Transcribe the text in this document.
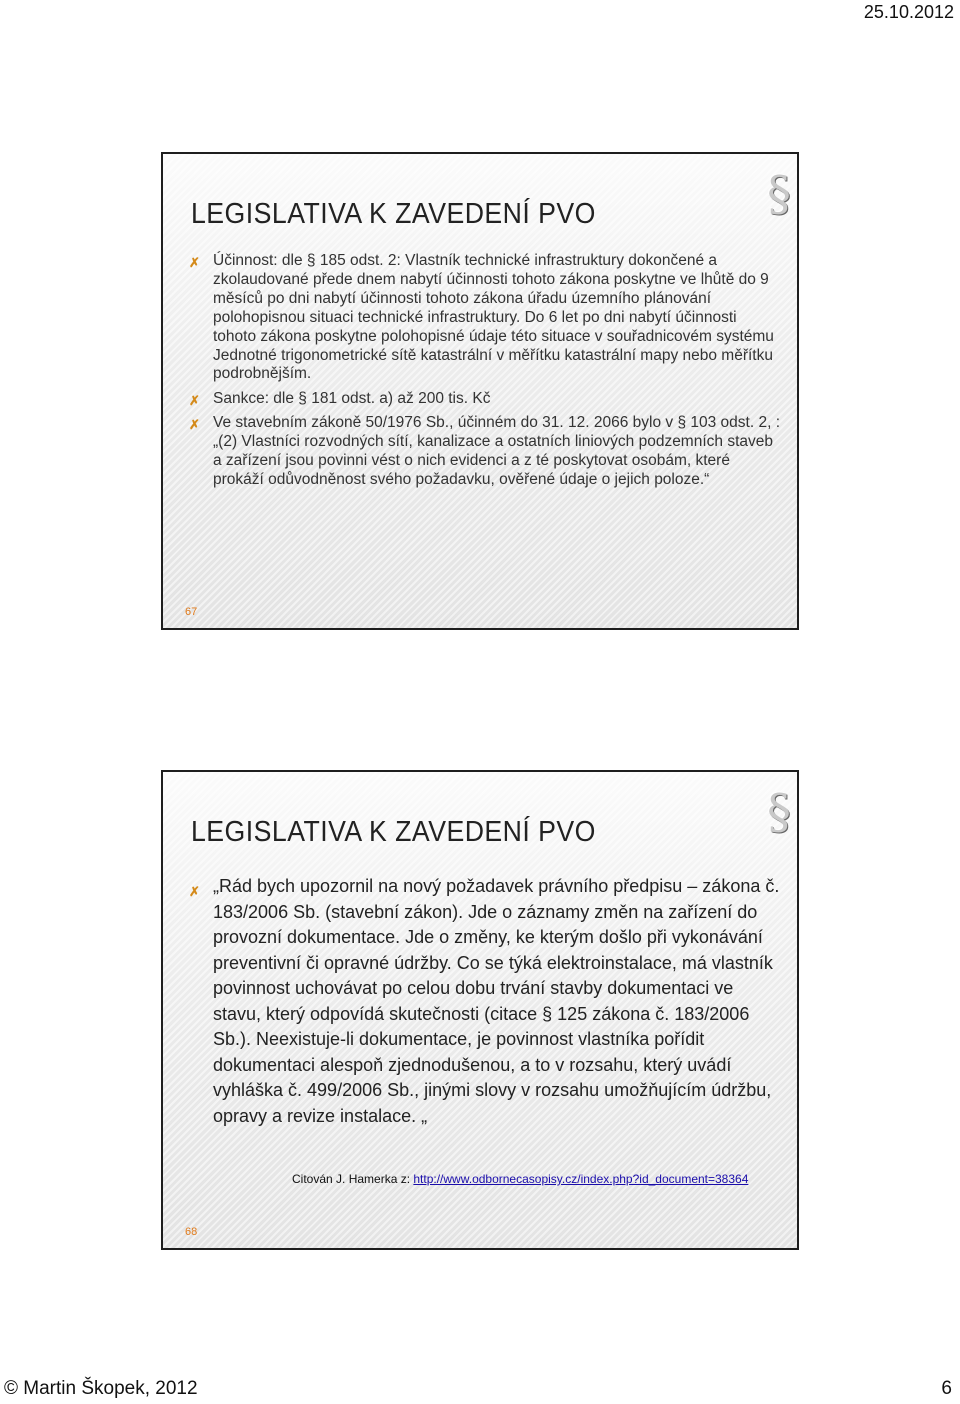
25.10.2012
LEGISLATIVA K ZAVEDENÍ PVO	§
✗ Účinnost: dle § 185 odst. 2: Vlastník technické infrastruktury dokončené a zkolaudované přede dnem nabytí účinnosti tohoto zákona poskytne ve lhůtě do 9 měsíců po dni nabytí účinnosti tohoto zákona úřadu územního plánování polohopisnou situaci technické infrastruktury. Do 6 let po dni nabytí účinnosti tohoto zákona poskytne polohopisné údaje této situace v souřadnicovém systému Jednotné trigonometrické sítě katastrální v měřítku katastrální mapy nebo měřítku podrobnějším.
✗ Sankce: dle § 181 odst. a) až 200 tis. Kč
✗ Ve stavebním zákoně 50/1976 Sb., účinném do 31. 12. 2066 bylo v § 103 odst. 2, :
„(2) Vlastníci rozvodných sítí, kanalizace a ostatních liniových podzemních staveb a zařízení jsou povinni vést o nich evidenci a z té poskytovat osobám, které prokáží odůvodněnost svého požadavku, ověřené údaje o jejich poloze.“
67
LEGISLATIVA K ZAVEDENÍ PVO	§
✗ „Rád bych upozornil na nový požadavek právního předpisu – zákona č. 183/2006 Sb. (stavební zákon). Jde o záznamy změn na zařízení do provozní dokumentace. Jde o změny, ke kterým došlo při vykonávání preventivní či opravné údržby. Co se týká elektroinstalace, má vlastník povinnost uchovávat po celou dobu trvání stavby dokumentaci ve stavu, který odpovídá skutečnosti (citace § 125 zákona č. 183/2006 Sb.). Neexistuje-li dokumentace, je povinnost vlastníka pořídit dokumentaci alespoň zjednodušenou, a to v rozsahu, který uvádí vyhláška č. 499/2006 Sb., jinými slovy v rozsahu umožňujícím údržbu, opravy a revize instalace. „
Citován J. Hamerka z: http://www.odbornecasopisy.cz/index.php?id_document=38364
68
© Martin Škopek, 2012	6
